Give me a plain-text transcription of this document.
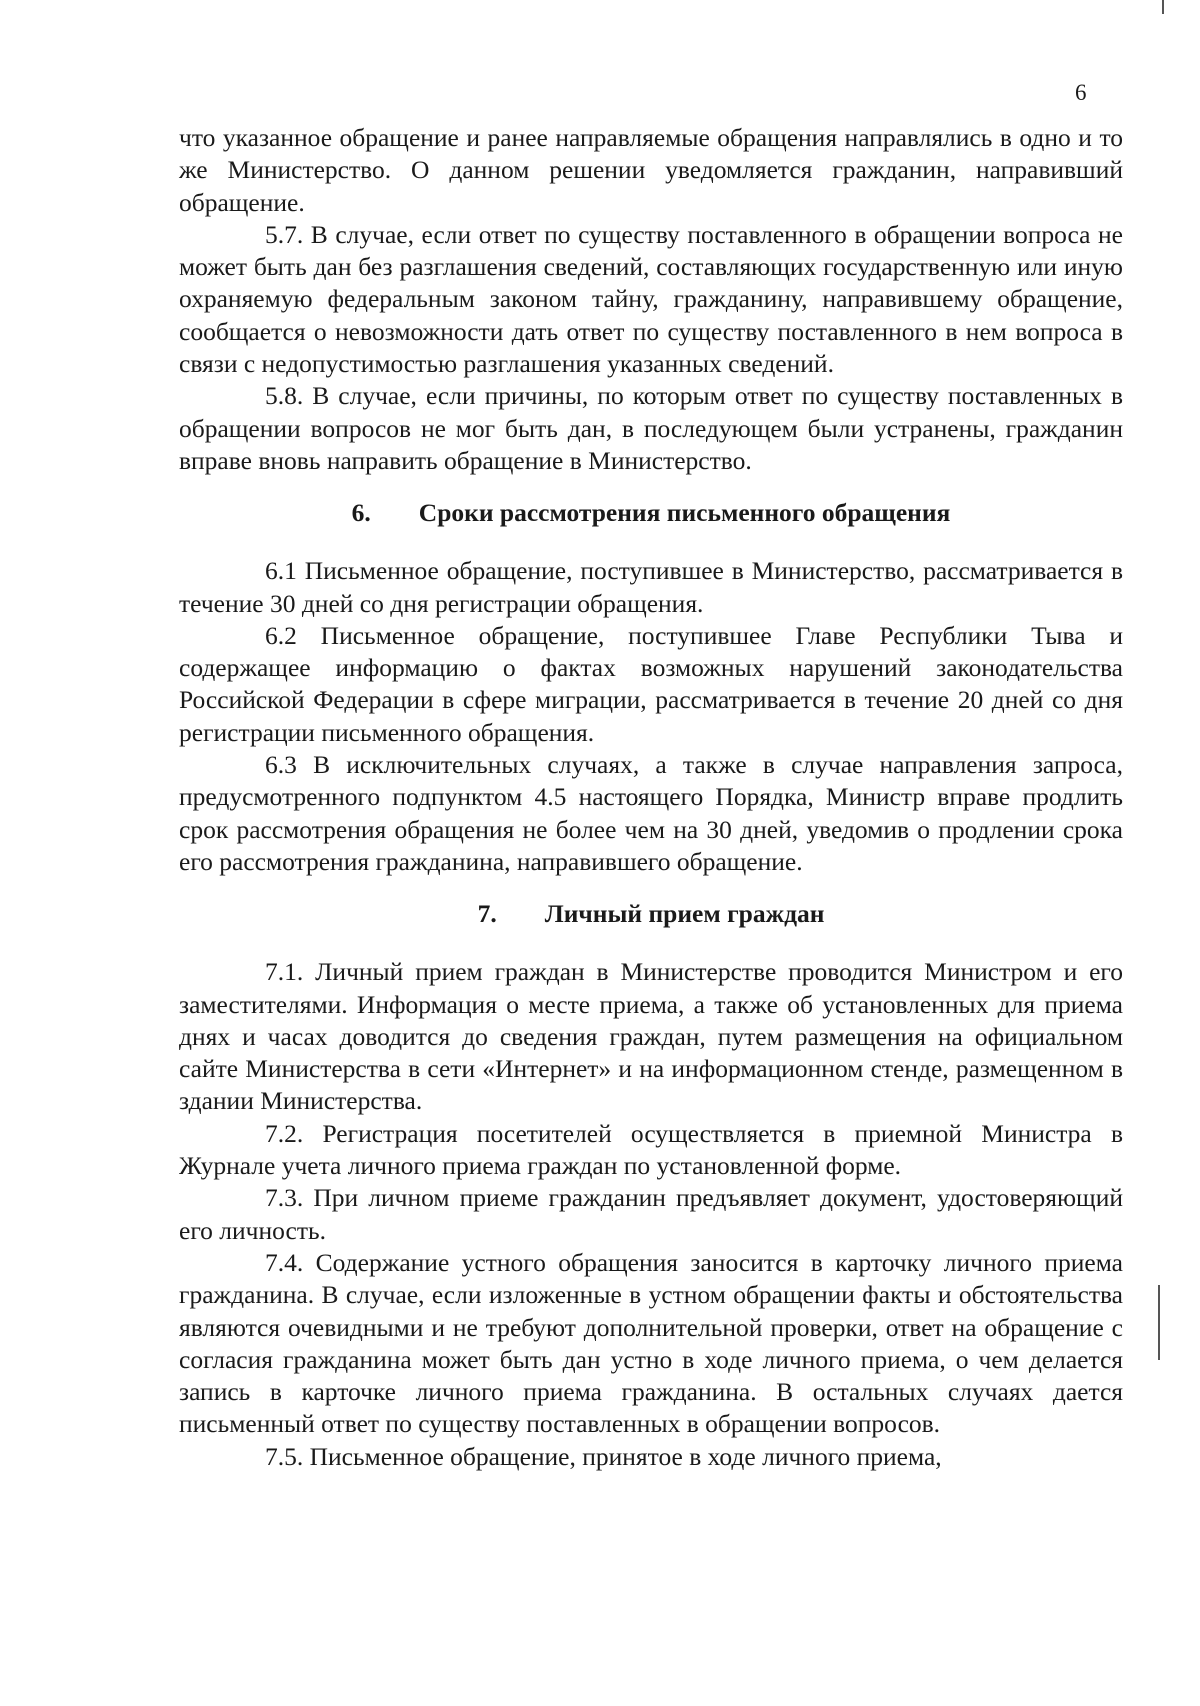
6

что указанное обращение и ранее направляемые обращения направлялись в одно и то же Министерство. О данном решении уведомляется гражданин, направивший обращение.

5.7. В случае, если ответ по существу поставленного в обращении вопроса не может быть дан без разглашения сведений, составляющих государственную или иную охраняемую федеральным законом тайну, гражданину, направившему обращение, сообщается о невозможности дать ответ по существу поставленного в нем вопроса в связи с недопустимостью разглашения указанных сведений.

5.8. В случае, если причины, по которым ответ по существу поставленных в обращении вопросов не мог быть дан, в последующем были устранены, гражданин вправе вновь направить обращение в Министерство.

6. Сроки рассмотрения письменного обращения

6.1 Письменное обращение, поступившее в Министерство, рассматривается в течение 30 дней со дня регистрации обращения.

6.2 Письменное обращение, поступившее Главе Республики Тыва и содержащее информацию о фактах возможных нарушений законодательства Российской Федерации в сфере миграции, рассматривается в течение 20 дней со дня регистрации письменного обращения.

6.3 В исключительных случаях, а также в случае направления запроса, предусмотренного подпунктом 4.5 настоящего Порядка, Министр вправе продлить срок рассмотрения обращения не более чем на 30 дней, уведомив о продлении срока его рассмотрения гражданина, направившего обращение.

7. Личный прием граждан

7.1. Личный прием граждан в Министерстве проводится Министром и его заместителями. Информация о месте приема, а также об установленных для приема днях и часах доводится до сведения граждан, путем размещения на официальном сайте Министерства в сети «Интернет» и на информационном стенде, размещенном в здании Министерства.

7.2. Регистрация посетителей осуществляется в приемной Министра в Журнале учета личного приема граждан по установленной форме.

7.3. При личном приеме гражданин предъявляет документ, удостоверяющий его личность.

7.4. Содержание устного обращения заносится в карточку личного приема гражданина. В случае, если изложенные в устном обращении факты и обстоятельства являются очевидными и не требуют дополнительной проверки, ответ на обращение с согласия гражданина может быть дан устно в ходе личного приема, о чем делается запись в карточке личного приема гражданина. В остальных случаях дается письменный ответ по существу поставленных в обращении вопросов.

7.5. Письменное обращение, принятое в ходе личного приема,
